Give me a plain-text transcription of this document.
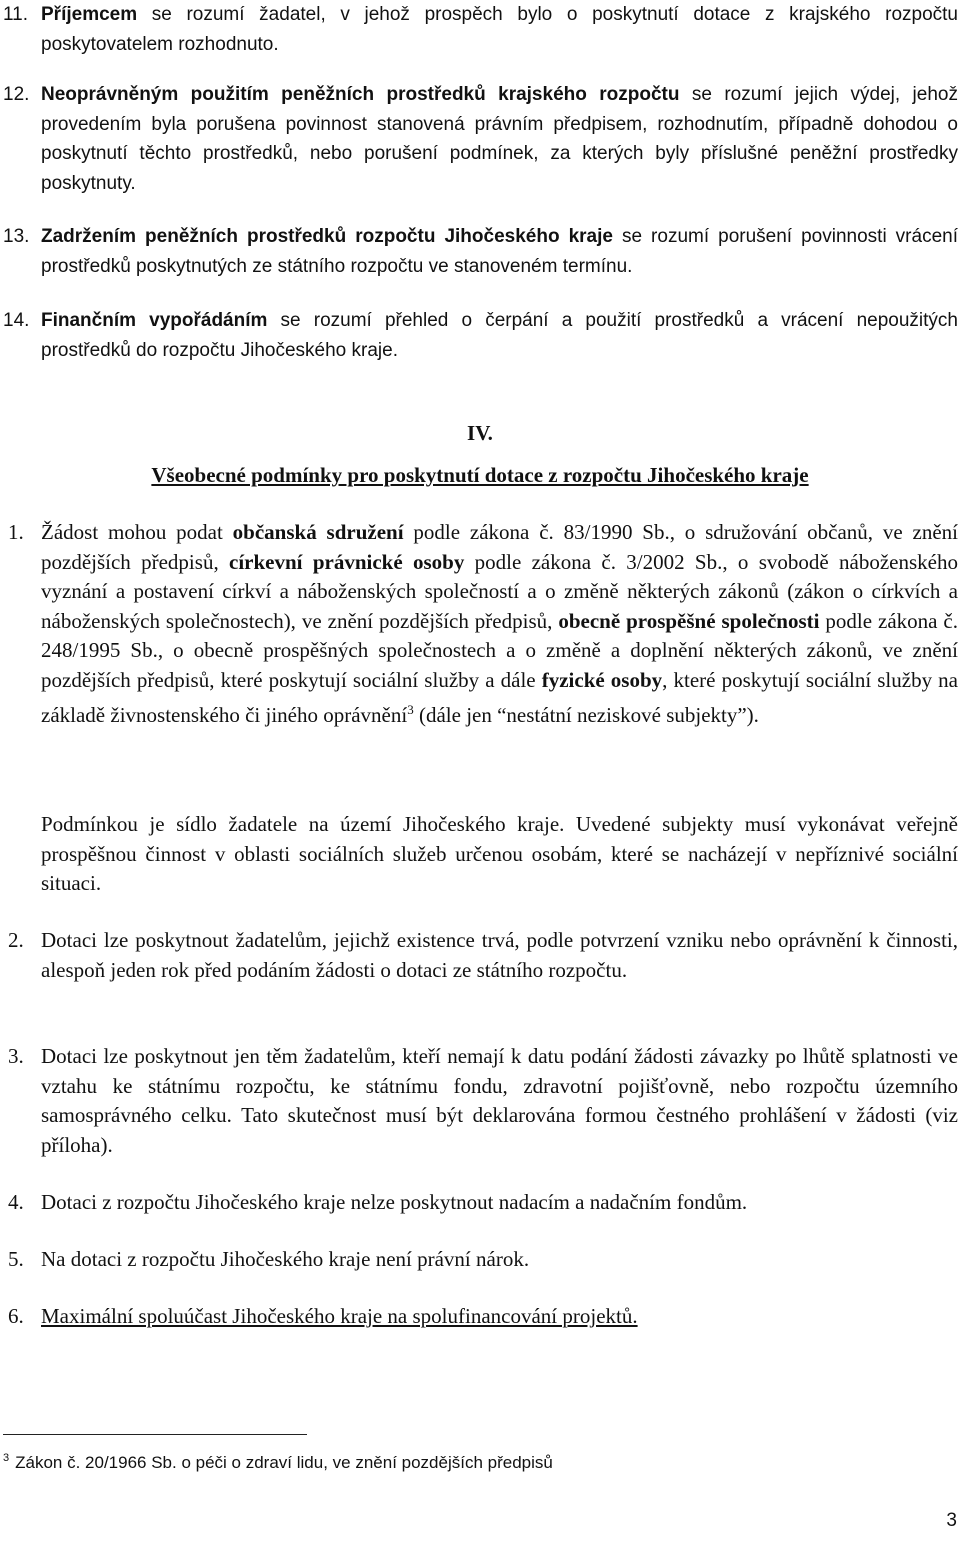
11. Příjemcem se rozumí žadatel, v jehož prospěch bylo o poskytnutí dotace z krajského rozpočtu poskytovatelem rozhodnuto.
12. Neoprávněným použitím peněžních prostředků krajského rozpočtu se rozumí jejich výdej, jehož provedením byla porušena povinnost stanovená právním předpisem, rozhodnutím, případně dohodou o poskytnutí těchto prostředků, nebo porušení podmínek, za kterých byly příslušné peněžní prostředky poskytnuty.
13. Zadržením peněžních prostředků rozpočtu Jihočeského kraje se rozumí porušení povinnosti vrácení prostředků poskytnutých ze státního rozpočtu ve stanoveném termínu.
14. Finančním vypořádáním se rozumí přehled o čerpání a použití prostředků a vrácení nepoužitých prostředků do rozpočtu Jihočeského kraje.
IV.
Všeobecné podmínky pro poskytnutí dotace z rozpočtu Jihočeského kraje
1. Žádost mohou podat občanská sdružení podle zákona č. 83/1990 Sb., o sdružování občanů, ve znění pozdějších předpisů, církevní právnické osoby podle zákona č. 3/2002 Sb., o svobodě náboženského vyznání a postavení církví a náboženských společností a o změně některých zákonů (zákon o církvích a náboženských společnostech), ve znění pozdějších předpisů, obecně prospěšné společnosti podle zákona č. 248/1995 Sb., o obecně prospěšných společnostech a o změně a doplnění některých zákonů, ve znění pozdějších předpisů, které poskytují sociální služby a dále fyzické osoby, které poskytují sociální služby na základě živnostenského či jiného oprávnění$^3$ (dále jen “nestátní neziskové subjekty”).
Podmínkou je sídlo žadatele na území Jihočeského kraje. Uvedené subjekty musí vykonávat veřejně prospěšnou činnost v oblasti sociálních služeb určenou osobám, které se nacházejí v nepříznivé sociální situaci.
2. Dotaci lze poskytnout žadatelům, jejichž existence trvá, podle potvrzení vzniku nebo oprávnění k činnosti, alespoň jeden rok před podáním žádosti o dotaci ze státního rozpočtu.
3. Dotaci lze poskytnout jen těm žadatelům, kteří nemají k datu podání žádosti závazky po lhůtě splatnosti ve vztahu ke státnímu rozpočtu, ke státnímu fondu, zdravotní pojišťovně, nebo rozpočtu územního samosprávného celku. Tato skutečnost musí být deklarována formou čestného prohlášení v žádosti (viz příloha).
4. Dotaci z rozpočtu Jihočeského kraje nelze poskytnout nadacím a nadačním fondům.
5. Na dotaci z rozpočtu Jihočeského kraje není právní nárok.
6. Maximální spoluúčast Jihočeského kraje na spolufinancování projektů.
$^3$ Zákon č. 20/1966 Sb. o péči o zdraví lidu, ve znění pozdějších předpisů
3
